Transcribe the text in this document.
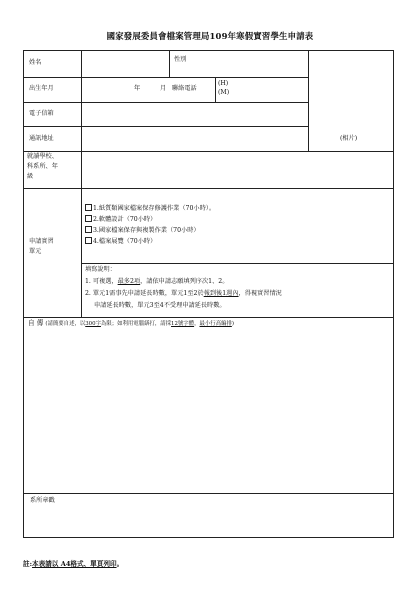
國家發展委員會檔案管理局109年寒假實習學生申請表
姓名	性別
出生年月	年	月 聯絡電話
(H)
(M)
電子信箱
通訊地址	(相片)
就讀學校、
科系所、年
級
申請實習
單元
1.紙質類國家檔案保存修護作業（70小時）。
2.軟體設計（70小時）
3.國家檔案保存與複製作業（70小時）
4.檔案展覽（70小時）
填寫說明：
1. 可複選，最多2項，請依申請志願填列序次1、2。
2. 單元1需事先申請延長時數，單元1至2於報到後1週內，得視實習情況
申請延長時數，單元3至4不受理申請延長時數。
自 傳 (請簡要自述，以300字為限；如利用電腦繕打，請採12號字體，最小行高編排)
系所章戳
註:本表請以 A4格式、單頁列印。
